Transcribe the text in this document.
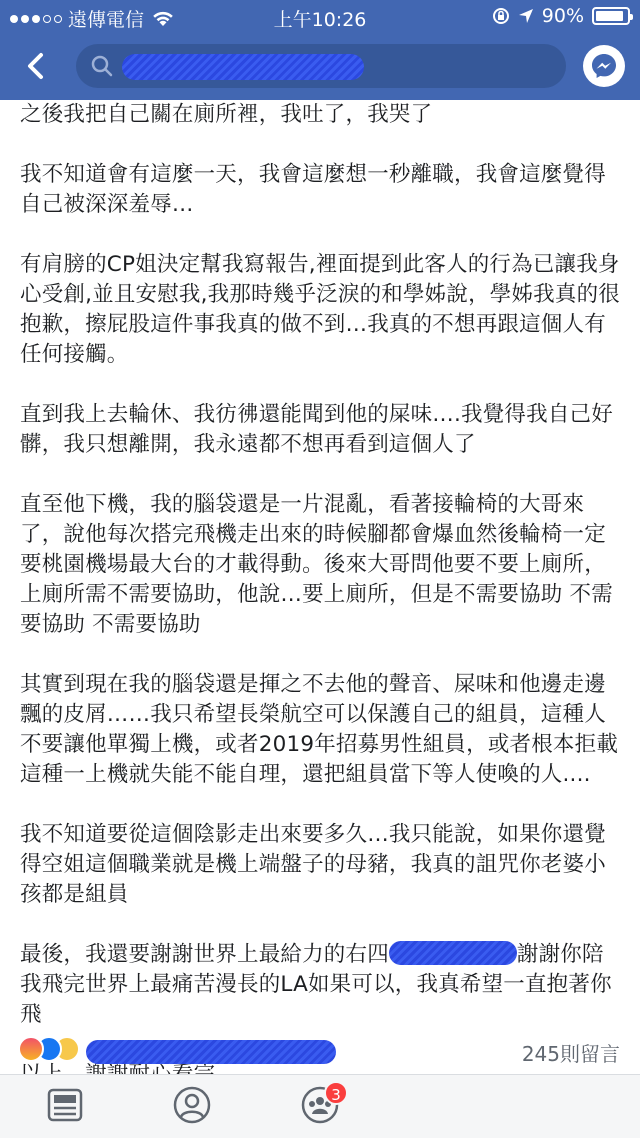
遠傳電信	上午10:26	90%

之後我把自己關在廁所裡，我吐了，我哭了

我不知道會有這麼一天，我會這麼想一秒離職，我會這麼覺得自己被深深羞辱…

有肩膀的CP姐決定幫我寫報告,裡面提到此客人的行為已讓我身心受創,並且安慰我,我那時幾乎泛淚的和學姊說，學姊我真的很抱歉，擦屁股這件事我真的做不到…我真的不想再跟這個人有任何接觸。

直到我上去輪休、我彷彿還能聞到他的屎味….我覺得我自己好髒，我只想離開，我永遠都不想再看到這個人了

直至他下機，我的腦袋還是一片混亂，看著接輪椅的大哥來了，說他每次搭完飛機走出來的時候腳都會爆血然後輪椅一定要桃園機場最大台的才載得動。後來大哥問他要不要上廁所，上廁所需不需要協助，他說…要上廁所，但是不需要協助 不需要協助 不需要協助

其實到現在我的腦袋還是揮之不去他的聲音、屎味和他邊走邊飄的皮屑……我只希望長榮航空可以保護自己的組員，這種人不要讓他單獨上機，或者2019年招募男性組員，或者根本拒載這種一上機就失能不能自理，還把組員當下等人使喚的人....

我不知道要從這個陰影走出來要多久…我只能說，如果你還覺得空姐這個職業就是機上端盤子的母豬，我真的詛咒你老婆小孩都是組員

最後，我還要謝謝世界上最給力的右四	謝謝你陪我飛完世界上最痛苦漫長的LA如果可以，我真希望一直抱著你飛

245則留言
3
